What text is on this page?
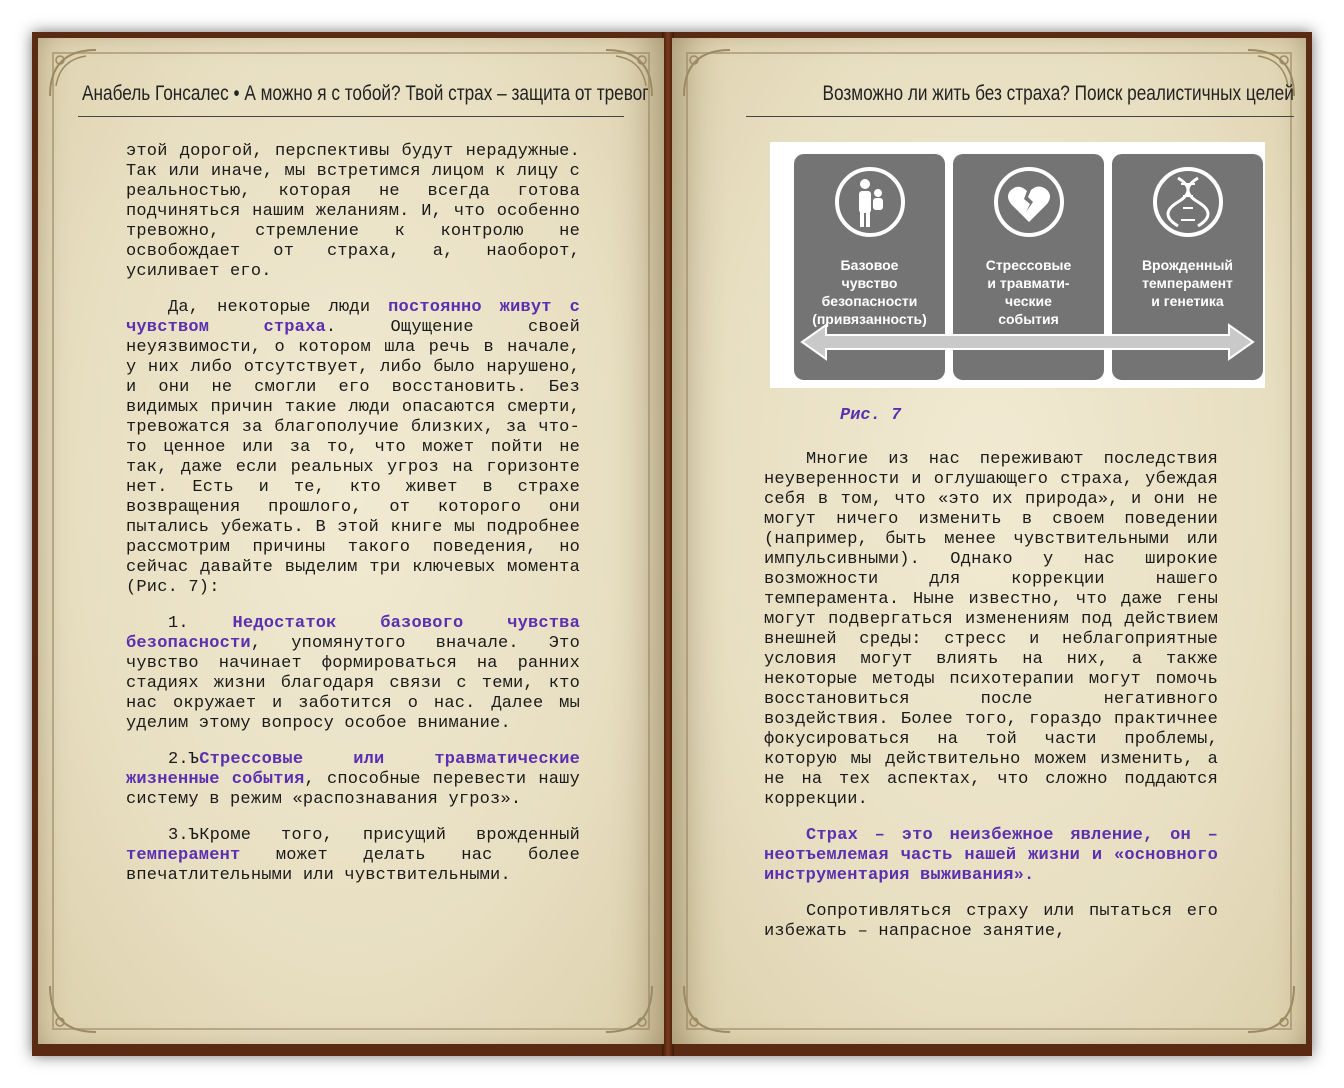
Анабель Гонсалес • А можно я с тобой? Твой страх – защита от тревог

этой дорогой, перспективы будут нерадужные. Так или иначе, мы встретимся лицом к лицу с реальностью, которая не всегда готова подчиняться нашим желаниям. И, что особенно тревожно, стремление к контролю не освобождает от страха, а, наоборот, усиливает его.

Да, некоторые люди постоянно живут с чувством страха. Ощущение своей неуязвимости, о котором шла речь в начале, у них либо отсутствует, либо было нарушено, и они не смогли его восстановить. Без видимых причин такие люди опасаются смерти, тревожатся за благополучие близких, за что-то ценное или за то, что может пойти не так, даже если реальных угроз на горизонте нет. Есть и те, кто живет в страхе возвращения прошлого, от которого они пытались убежать. В этой книге мы подробнее рассмотрим причины такого поведения, но сейчас давайте выделим три ключевых момента (Рис. 7):

1. Недостаток базового чувства безопасности, упомянутого вначале. Это чувство начинает формироваться на ранних стадиях жизни благодаря связи с теми, кто нас окружает и заботится о нас. Далее мы уделим этому вопросу особое внимание.

2.ЪСтрессовые или травматические жизненные события, способные перевести нашу систему в режим «распознавания угроз».

3.ЪКроме того, присущий врожденный темперамент может делать нас более впечатлительными или чувствительными.

Возможно ли жить без страха? Поиск реалистичных целей
Базовое
чувство
безопасности
(привязанность)
Стрессовые
и травмати-
ческие
события
Врожденный
темперамент
и генетика
Рис. 7

Многие из нас переживают последствия неуверенности и оглушающего страха, убеждая себя в том, что «это их природа», и они не могут ничего изменить в своем поведении (например, быть менее чувствительными или импульсивными). Однако у нас широкие возможности для коррекции нашего темперамента. Ныне известно, что даже гены могут подвергаться изменениям под действием внешней среды: стресс и неблагоприятные условия могут влиять на них, а также некоторые методы психотерапии могут помочь восстановиться после негативного воздействия. Более того, гораздо практичнее фокусироваться на той части проблемы, которую мы действительно можем изменить, а не на тех аспектах, что сложно поддаются коррекции.

Страх – это неизбежное явление, он – неотъемлемая часть нашей жизни и «основного инструментария выживания».

Сопротивляться страху или пытаться его избежать – напрасное занятие,
